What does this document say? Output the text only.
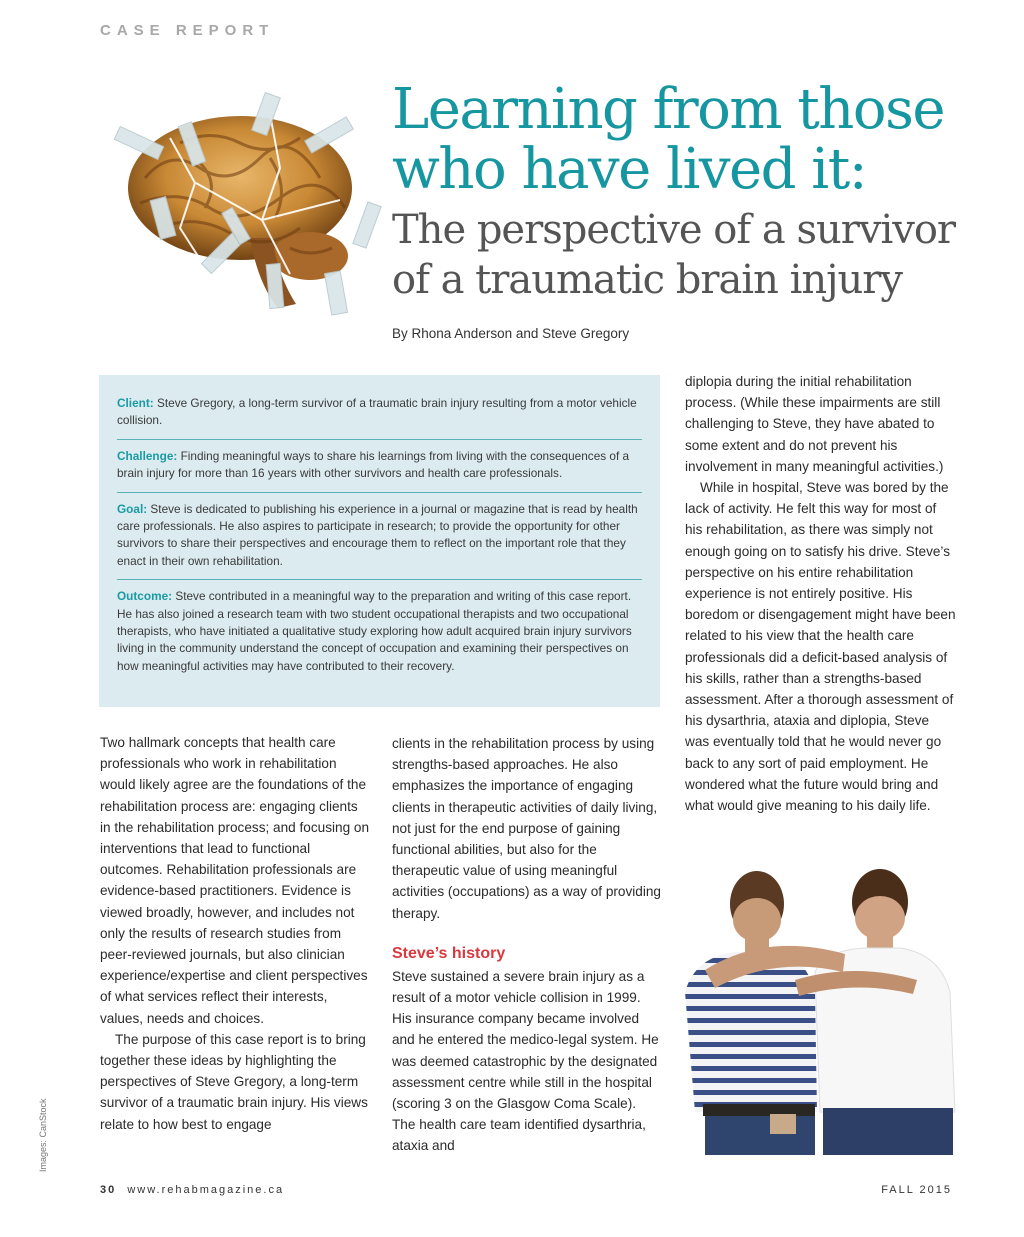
CASE REPORT
Learning from those
who have lived it:
The perspective of a survivor
of a traumatic brain injury
By Rhona Anderson and Steve Gregory
Client: Steve Gregory, a long-term survivor of a traumatic brain injury resulting from a motor vehicle collision.
Challenge: Finding meaningful ways to share his learnings from living with the consequences of a brain injury for more than 16 years with other survivors and health care professionals.
Goal: Steve is dedicated to publishing his experience in a journal or magazine that is read by health care professionals. He also aspires to participate in research; to provide the opportunity for other survivors to share their perspectives and encourage them to reflect on the important role that they enact in their own rehabilitation.
Outcome: Steve contributed in a meaningful way to the preparation and writing of this case report. He has also joined a research team with two student occupational therapists and two occupational therapists, who have initiated a qualitative study exploring how adult acquired brain injury survivors living in the community understand the concept of occupation and examining their perspectives on how meaningful activities may have contributed to their recovery.

Two hallmark concepts that health care professionals who work in rehabilitation would likely agree are the foundations of the rehabilitation process are: engaging clients in the rehabilitation process; and focusing on interventions that lead to functional outcomes. Rehabilitation professionals are evidence-based practitioners. Evidence is viewed broadly, however, and includes not only the results of research studies from peer-reviewed journals, but also clinician experience/expertise and client perspectives of what services reflect their interests, values, needs and choices.

The purpose of this case report is to bring together these ideas by highlighting the perspectives of Steve Gregory, a long-term survivor of a traumatic brain injury. His views relate to how best to engage

clients in the rehabilitation process by using strengths-based approaches. He also emphasizes the importance of engaging clients in therapeutic activities of daily living, not just for the end purpose of gaining functional abilities, but also for the therapeutic value of using meaningful activities (occupations) as a way of providing therapy.

Steve’s history

Steve sustained a severe brain injury as a result of a motor vehicle collision in 1999. His insurance company became involved and he entered the medico-legal system. He was deemed catastrophic by the designated assessment centre while still in the hospital (scoring 3 on the Glasgow Coma Scale). The health care team identified dysarthria, ataxia and

diplopia during the initial rehabilitation process. (While these impairments are still challenging to Steve, they have abated to some extent and do not prevent his involvement in many meaningful activities.)

While in hospital, Steve was bored by the lack of activity. He felt this way for most of his rehabilitation, as there was simply not enough going on to satisfy his drive. Steve’s perspective on his entire rehabilitation experience is not entirely positive. His boredom or disengagement might have been related to his view that the health care professionals did a deficit-based analysis of his skills, rather than a strengths-based assessment. After a thorough assessment of his dysarthria, ataxia and diplopia, Steve was eventually told that he would never go back to any sort of paid employment. He wondered what the future would bring and what would give meaning to his daily life.

Images: CanStock
30 www.rehabmagazine.ca	FALL 2015
